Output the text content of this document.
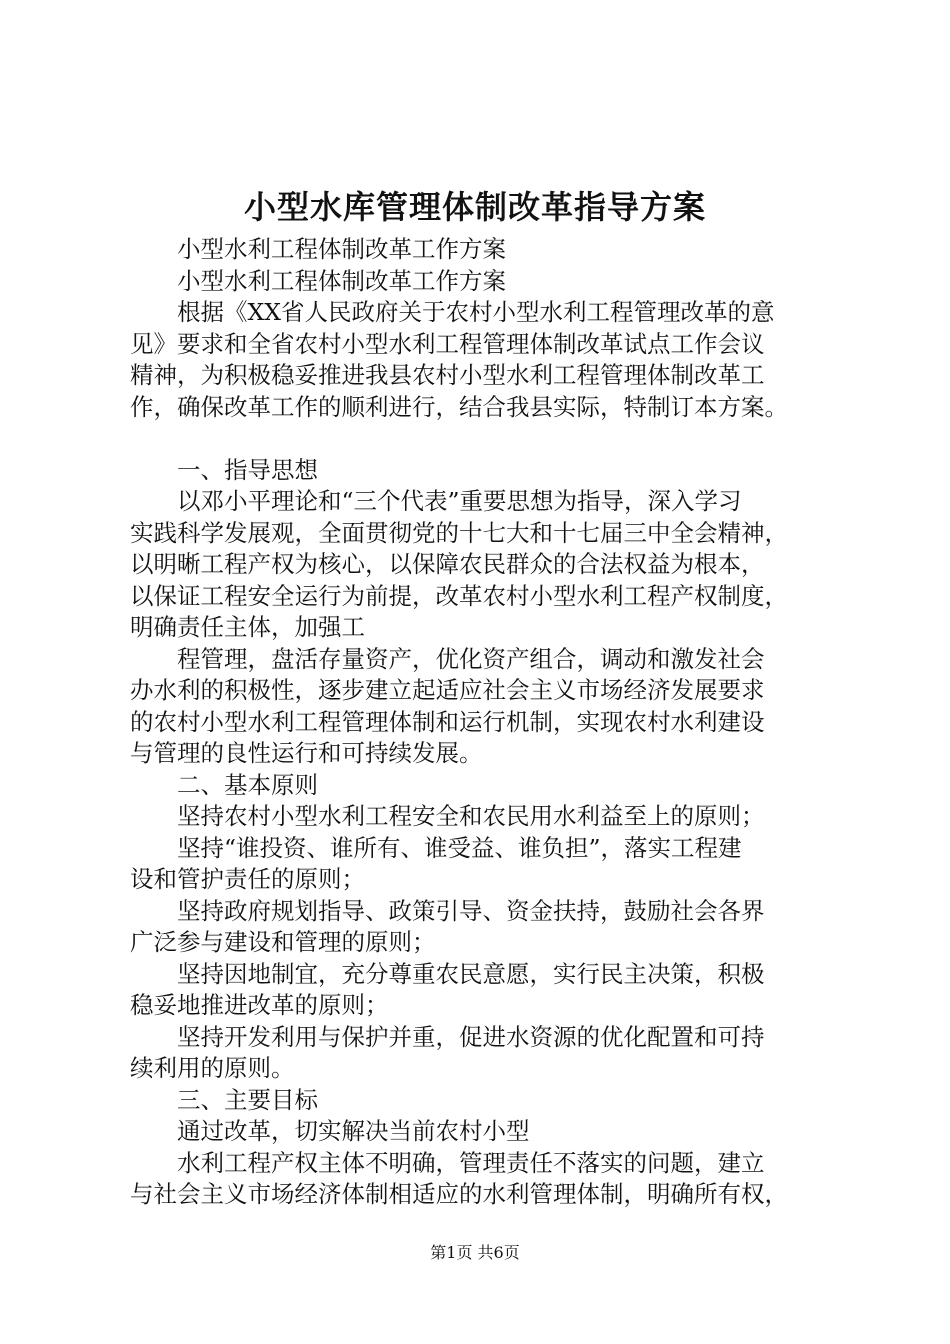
小型水库管理体制改革指导方案

小型水利工程体制改革工作方案

小型水利工程体制改革工作方案

根据《XX省人民政府关于农村小型水利工程管理改革的意

见》要求和全省农村小型水利工程管理体制改革试点工作会议

精神，为积极稳妥推进我县农村小型水利工程管理体制改革工

作，确保改革工作的顺利进行，结合我县实际，特制订本方案。

一、指导思想

以邓小平理论和“三个代表”重要思想为指导，深入学习

实践科学发展观，全面贯彻党的十七大和十七届三中全会精神，

以明晰工程产权为核心，以保障农民群众的合法权益为根本，

以保证工程安全运行为前提，改革农村小型水利工程产权制度，

明确责任主体，加强工

程管理，盘活存量资产，优化资产组合，调动和激发社会

办水利的积极性，逐步建立起适应社会主义市场经济发展要求

的农村小型水利工程管理体制和运行机制，实现农村水利建设

与管理的良性运行和可持续发展。

二、基本原则

坚持农村小型水利工程安全和农民用水利益至上的原则；

坚持“谁投资、谁所有、谁受益、谁负担”，落实工程建

设和管护责任的原则；

坚持政府规划指导、政策引导、资金扶持，鼓励社会各界

广泛参与建设和管理的原则；

坚持因地制宜，充分尊重农民意愿，实行民主决策，积极

稳妥地推进改革的原则；

坚持开发利用与保护并重，促进水资源的优化配置和可持

续利用的原则。

三、主要目标

通过改革，切实解决当前农村小型

水利工程产权主体不明确，管理责任不落实的问题，建立

与社会主义市场经济体制相适应的水利管理体制，明确所有权，

第1页 共6页
